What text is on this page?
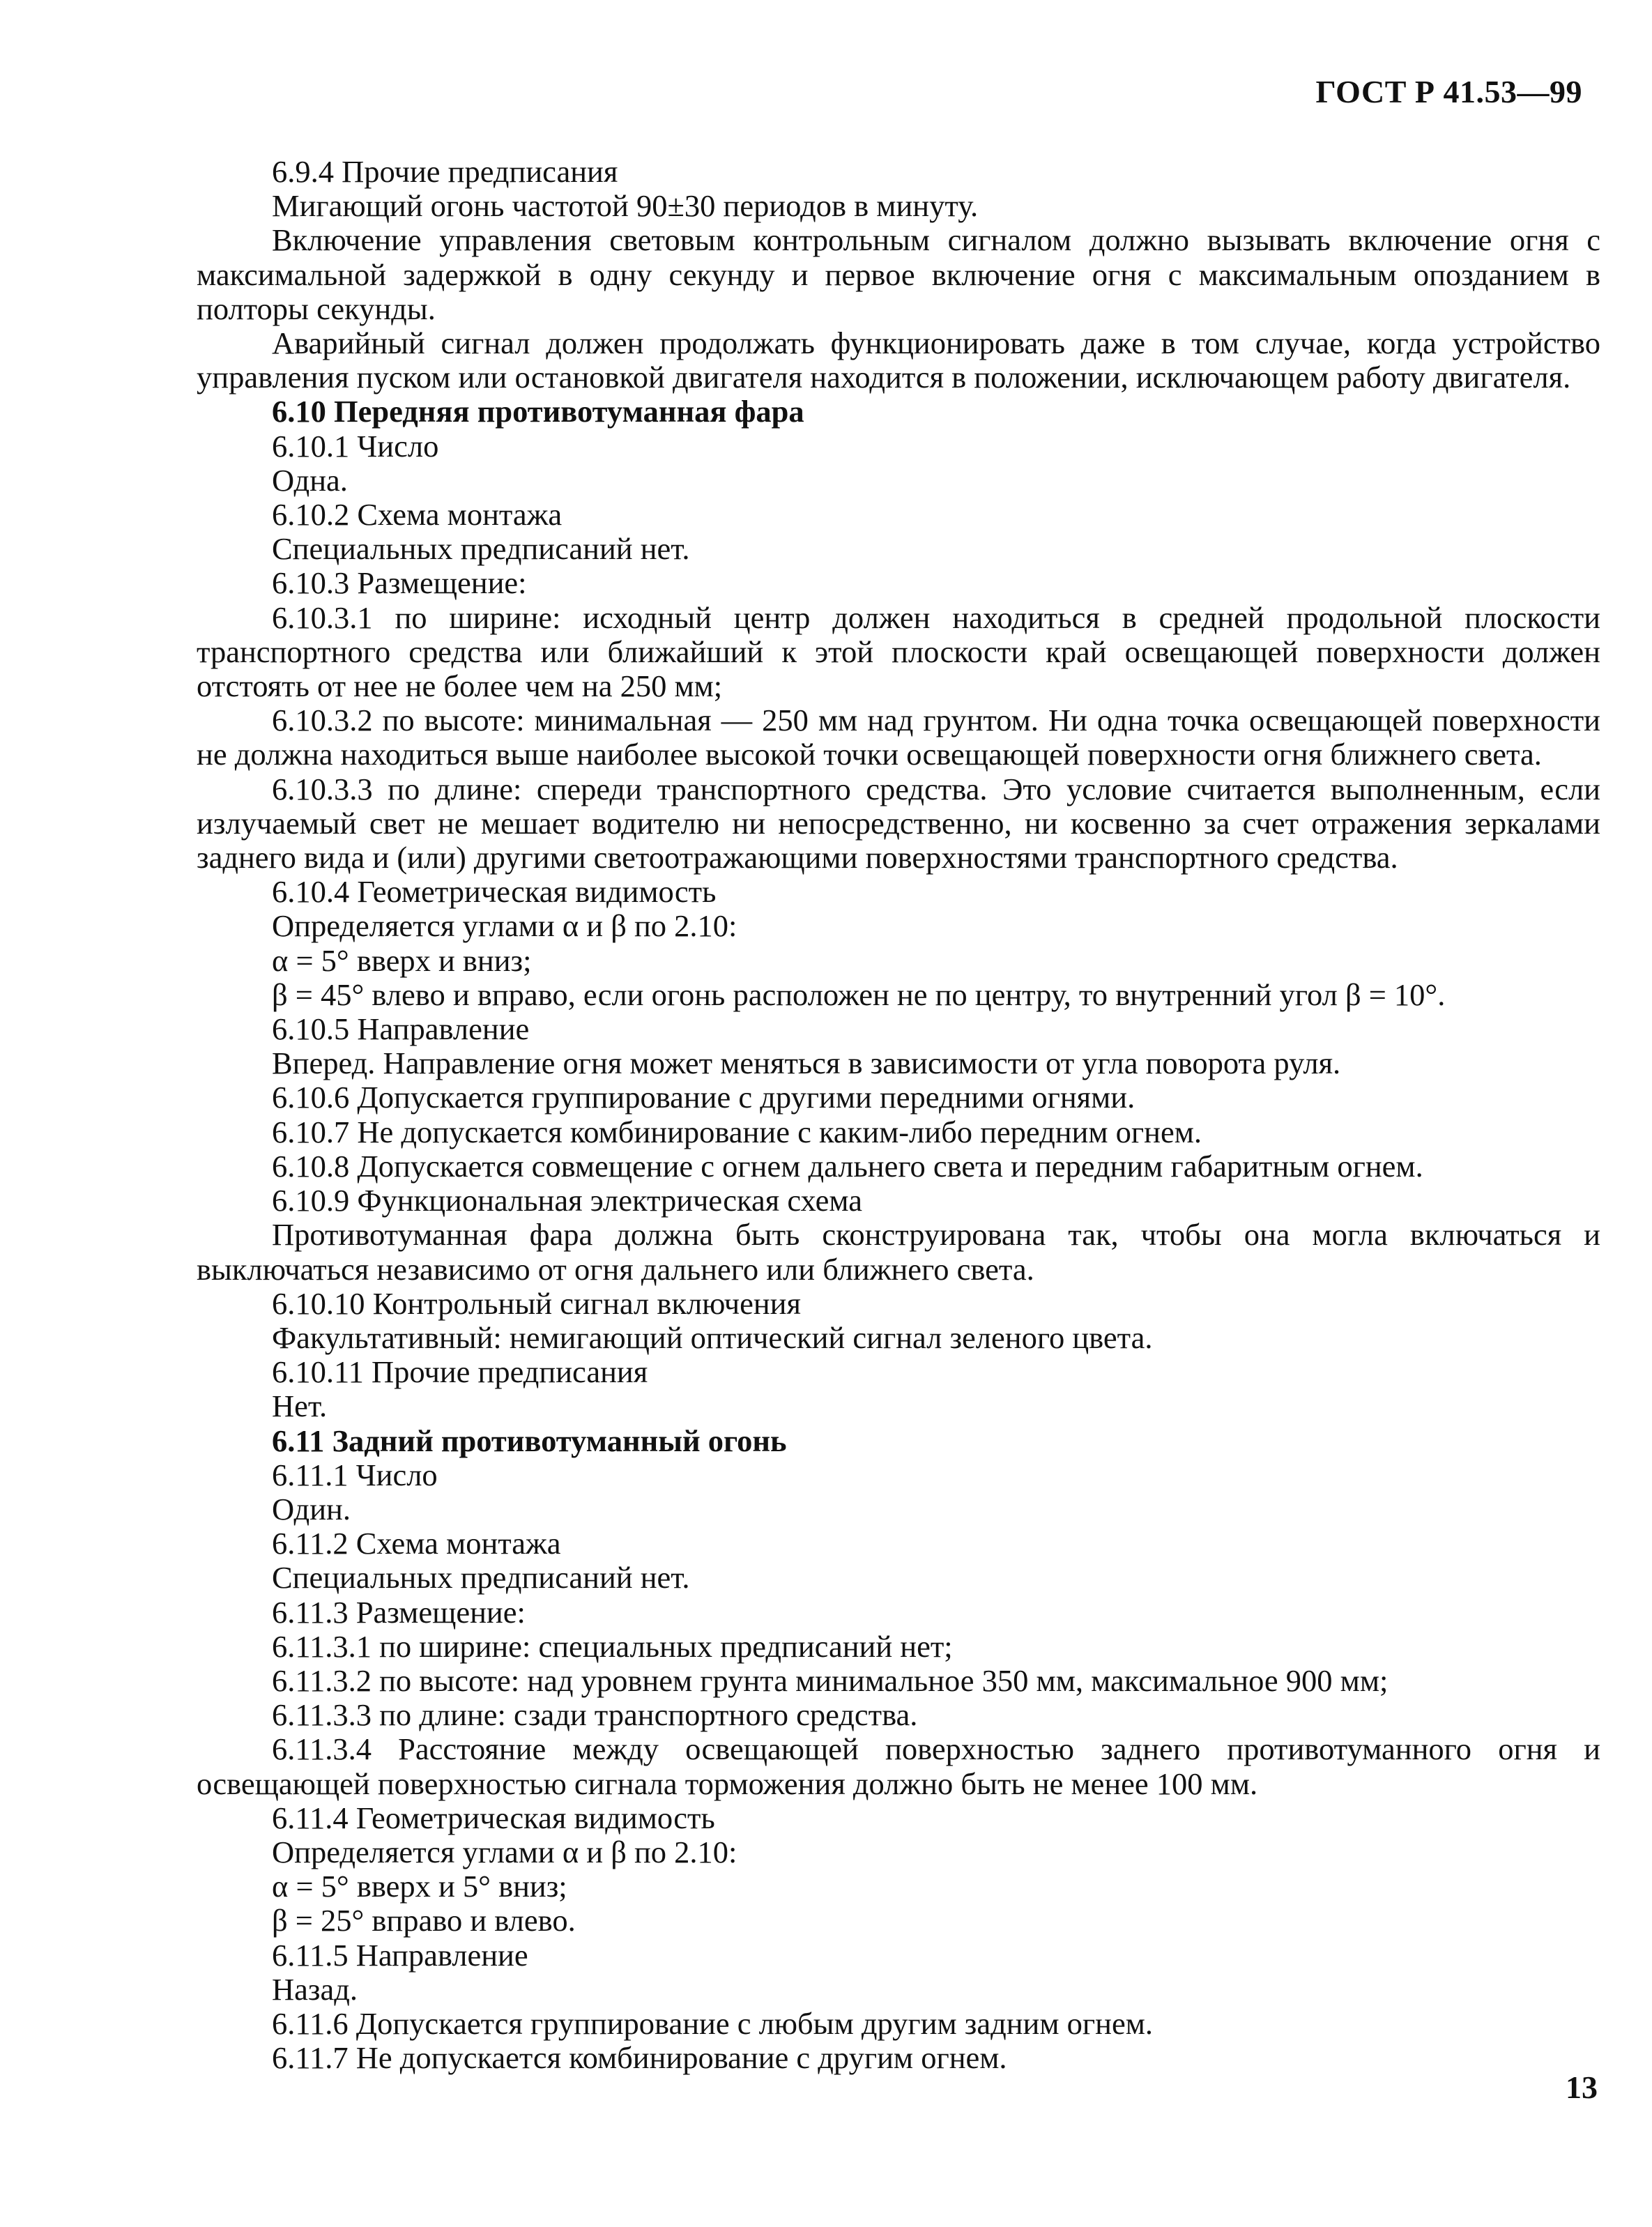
ГОСТ Р 41.53—99

6.9.4 Прочие предписания

Мигающий огонь частотой 90±30 периодов в минуту.

Включение управления световым контрольным сигналом должно вызывать включение огня с максимальной задержкой в одну секунду и первое включение огня с максимальным опозданием в полторы секунды.

Аварийный сигнал должен продолжать функционировать даже в том случае, когда устройство управления пуском или остановкой двигателя находится в положении, исключающем работу двигателя.

6.10 Передняя противотуманная фара

6.10.1 Число

Одна.

6.10.2 Схема монтажа

Специальных предписаний нет.

6.10.3 Размещение:

6.10.3.1 по ширине: исходный центр должен находиться в средней продольной плоскости транспортного средства или ближайший к этой плоскости край освещающей поверхности должен отстоять от нее не более чем на 250 мм;

6.10.3.2 по высоте: минимальная — 250 мм над грунтом. Ни одна точка освещающей поверхности не должна находиться выше наиболее высокой точки освещающей поверхности огня ближнего света.

6.10.3.3 по длине: спереди транспортного средства. Это условие считается выполненным, если излучаемый свет не мешает водителю ни непосредственно, ни косвенно за счет отражения зеркалами заднего вида и (или) другими светоотражающими поверхностями транспортного средства.

6.10.4 Геометрическая видимость

Определяется углами α и β по 2.10:

α = 5° вверх и вниз;

β = 45° влево и вправо, если огонь расположен не по центру, то внутренний угол β = 10°.

6.10.5 Направление

Вперед. Направление огня может меняться в зависимости от угла поворота руля.

6.10.6 Допускается группирование с другими передними огнями.

6.10.7 Не допускается комбинирование с каким-либо передним огнем.

6.10.8 Допускается совмещение с огнем дальнего света и передним габаритным огнем.

6.10.9 Функциональная электрическая схема

Противотуманная фара должна быть сконструирована так, чтобы она могла включаться и выключаться независимо от огня дальнего или ближнего света.

6.10.10 Контрольный сигнал включения

Факультативный: немигающий оптический сигнал зеленого цвета.

6.10.11 Прочие предписания

Нет.

6.11 Задний противотуманный огонь

6.11.1 Число

Один.

6.11.2 Схема монтажа

Специальных предписаний нет.

6.11.3 Размещение:

6.11.3.1 по ширине: специальных предписаний нет;

6.11.3.2 по высоте: над уровнем грунта минимальное 350 мм, максимальное 900 мм;

6.11.3.3 по длине: сзади транспортного средства.

6.11.3.4 Расстояние между освещающей поверхностью заднего противотуманного огня и освещающей поверхностью сигнала торможения должно быть не менее 100 мм.

6.11.4 Геометрическая видимость

Определяется углами α и β по 2.10:

α = 5° вверх и 5° вниз;

β = 25° вправо и влево.

6.11.5 Направление

Назад.

6.11.6 Допускается группирование с любым другим задним огнем.

6.11.7 Не допускается комбинирование с другим огнем.

13
